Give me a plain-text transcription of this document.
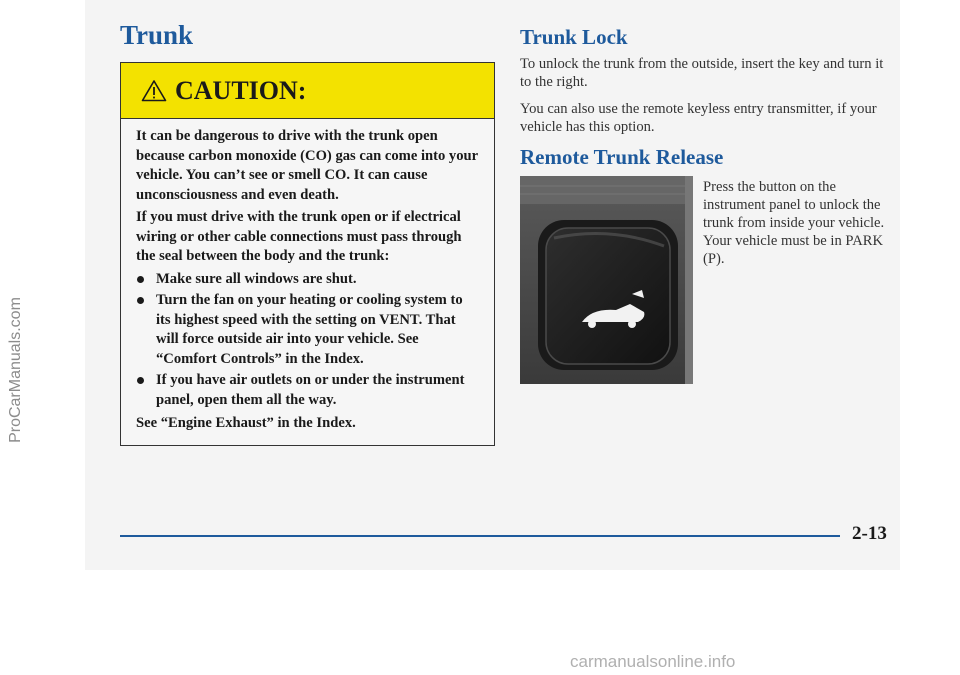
ProCarManuals.com
Trunk
CAUTION:

It can be dangerous to drive with the trunk open because carbon monoxide (CO) gas can come into your vehicle. You can’t see or smell CO. It can cause unconsciousness and even death.

If you must drive with the trunk open or if electrical wiring or other cable connections must pass through the seal between the body and the trunk:

Make sure all windows are shut.
Turn the fan on your heating or cooling system to its highest speed with the setting on VENT. That will force outside air into your vehicle. See “Comfort Controls” in the Index.
If you have air outlets on or under the instrument panel, open them all the way.

See “Engine Exhaust” in the Index.

Trunk Lock

To unlock the trunk from the outside, insert the key and turn it to the right.

You can also use the remote keyless entry transmitter, if your vehicle has this option.

Remote Trunk Release

Press the button on the instrument panel to unlock the trunk from inside your vehicle. Your vehicle must be in PARK (P).

2-13
carmanualsonline.info
